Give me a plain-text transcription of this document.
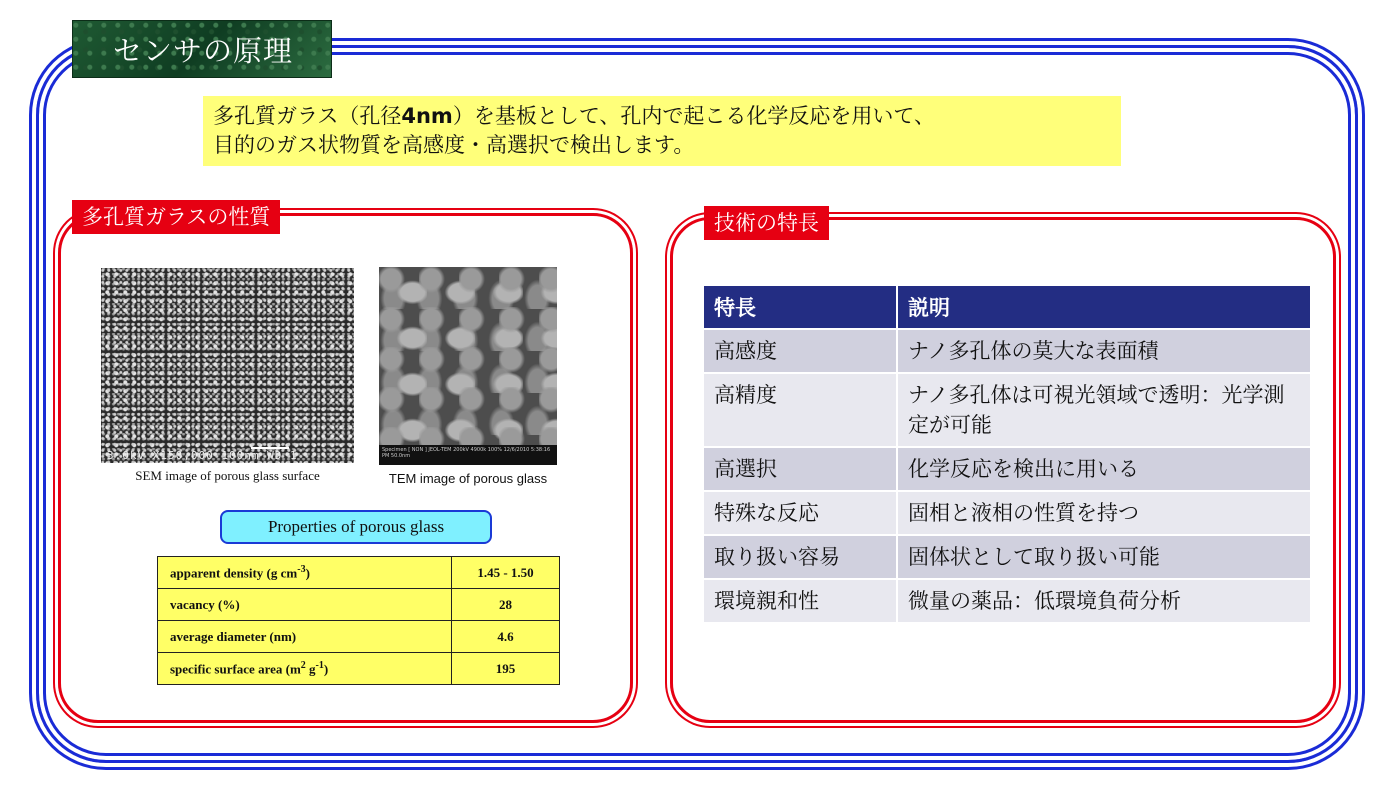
センサの原理
多孔質ガラス（孔径4nm）を基板として、孔内で起こる化学反応を用いて、
目的のガス状物質を高感度・高選択で検出します。
多孔質ガラスの性質	技術の特長
3.0kV X150,000 100nm WD 1
SEM image of porous glass surface
Specimen [ NON ] JEOL-TEM 200kV 4900k 100% 12/6/2010 5:38:16 PM 50.0nm
TEM image of porous glass
Properties of porous glass
apparent density (g $cm^{-3}$)	1.45 - 1.50
vacancy (%)	28
average diameter (nm)	4.6
specific surface area ($m^2$ $g^{-1}$)	195
特長	説明
高感度	ナノ多孔体の莫大な表面積
高精度	ナノ多孔体は可視光領域で透明：光学測定が可能
高選択	化学反応を検出に用いる
特殊な反応	固相と液相の性質を持つ
取り扱い容易	固体状として取り扱い可能
環境親和性	微量の薬品：低環境負荷分析
